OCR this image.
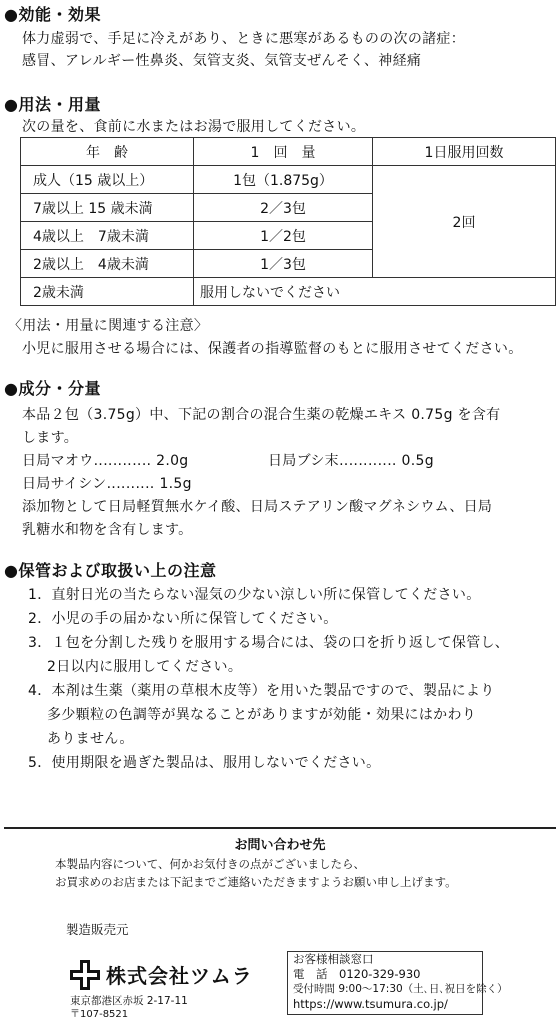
●効能・効果
体力虚弱で、手足に冷えがあり、ときに悪寒があるものの次の諸症：
感冒、アレルギー性鼻炎、気管支炎、気管支ぜんそく、神経痛
●用法・用量
次の量を、食前に水またはお湯で服用してください。
年　齢	1　回　量	1日服用回数
成人（15 歳以上）	1包（1.875g）	2回
7歳以上 15 歳未満	2／3包	
4歳以上　7歳未満	1／2包	
2歳以上　4歳未満	1／3包	
2歳未満	服用しないでください	
〈用法・用量に関連する注意〉
小児に服用させる場合には、保護者の指導監督のもとに服用させてください。
●成分・分量
本品２包（3.75g）中、下記の割合の混合生薬の乾燥エキス 0.75g を含有
します。
日局マオウ‥‥‥‥‥‥ 2.0g	日局ブシ末‥‥‥‥‥‥ 0.5g
日局サイシン‥‥‥‥‥ 1.5g
添加物として日局軽質無水ケイ酸、日局ステアリン酸マグネシウム、日局
乳糖水和物を含有します。
●保管および取扱い上の注意
1．直射日光の当たらない湿気の少ない涼しい所に保管してください。
2．小児の手の届かない所に保管してください。
3．１包を分割した残りを服用する場合には、袋の口を折り返して保管し、
　 2日以内に服用してください。
4．本剤は生薬（薬用の草根木皮等）を用いた製品ですので、製品により
　 多少顆粒の色調等が異なることがありますが効能・効果にはかわり
　 ありません。
5．使用期限を過ぎた製品は、服用しないでください。
お問い合わせ先
本製品内容について、何かお気付きの点がございましたら、
お買求めのお店または下記までご連絡いただきますようお願い申し上げます。
製造販売元
株式会社ツムラ
東京都港区赤坂 2-17-11
〒107-8521
お客様相談窓口
電　話　0120-329-930
受付時間 9:00～17:30（土､日､祝日を除く）
https://www.tsumura.co.jp/
